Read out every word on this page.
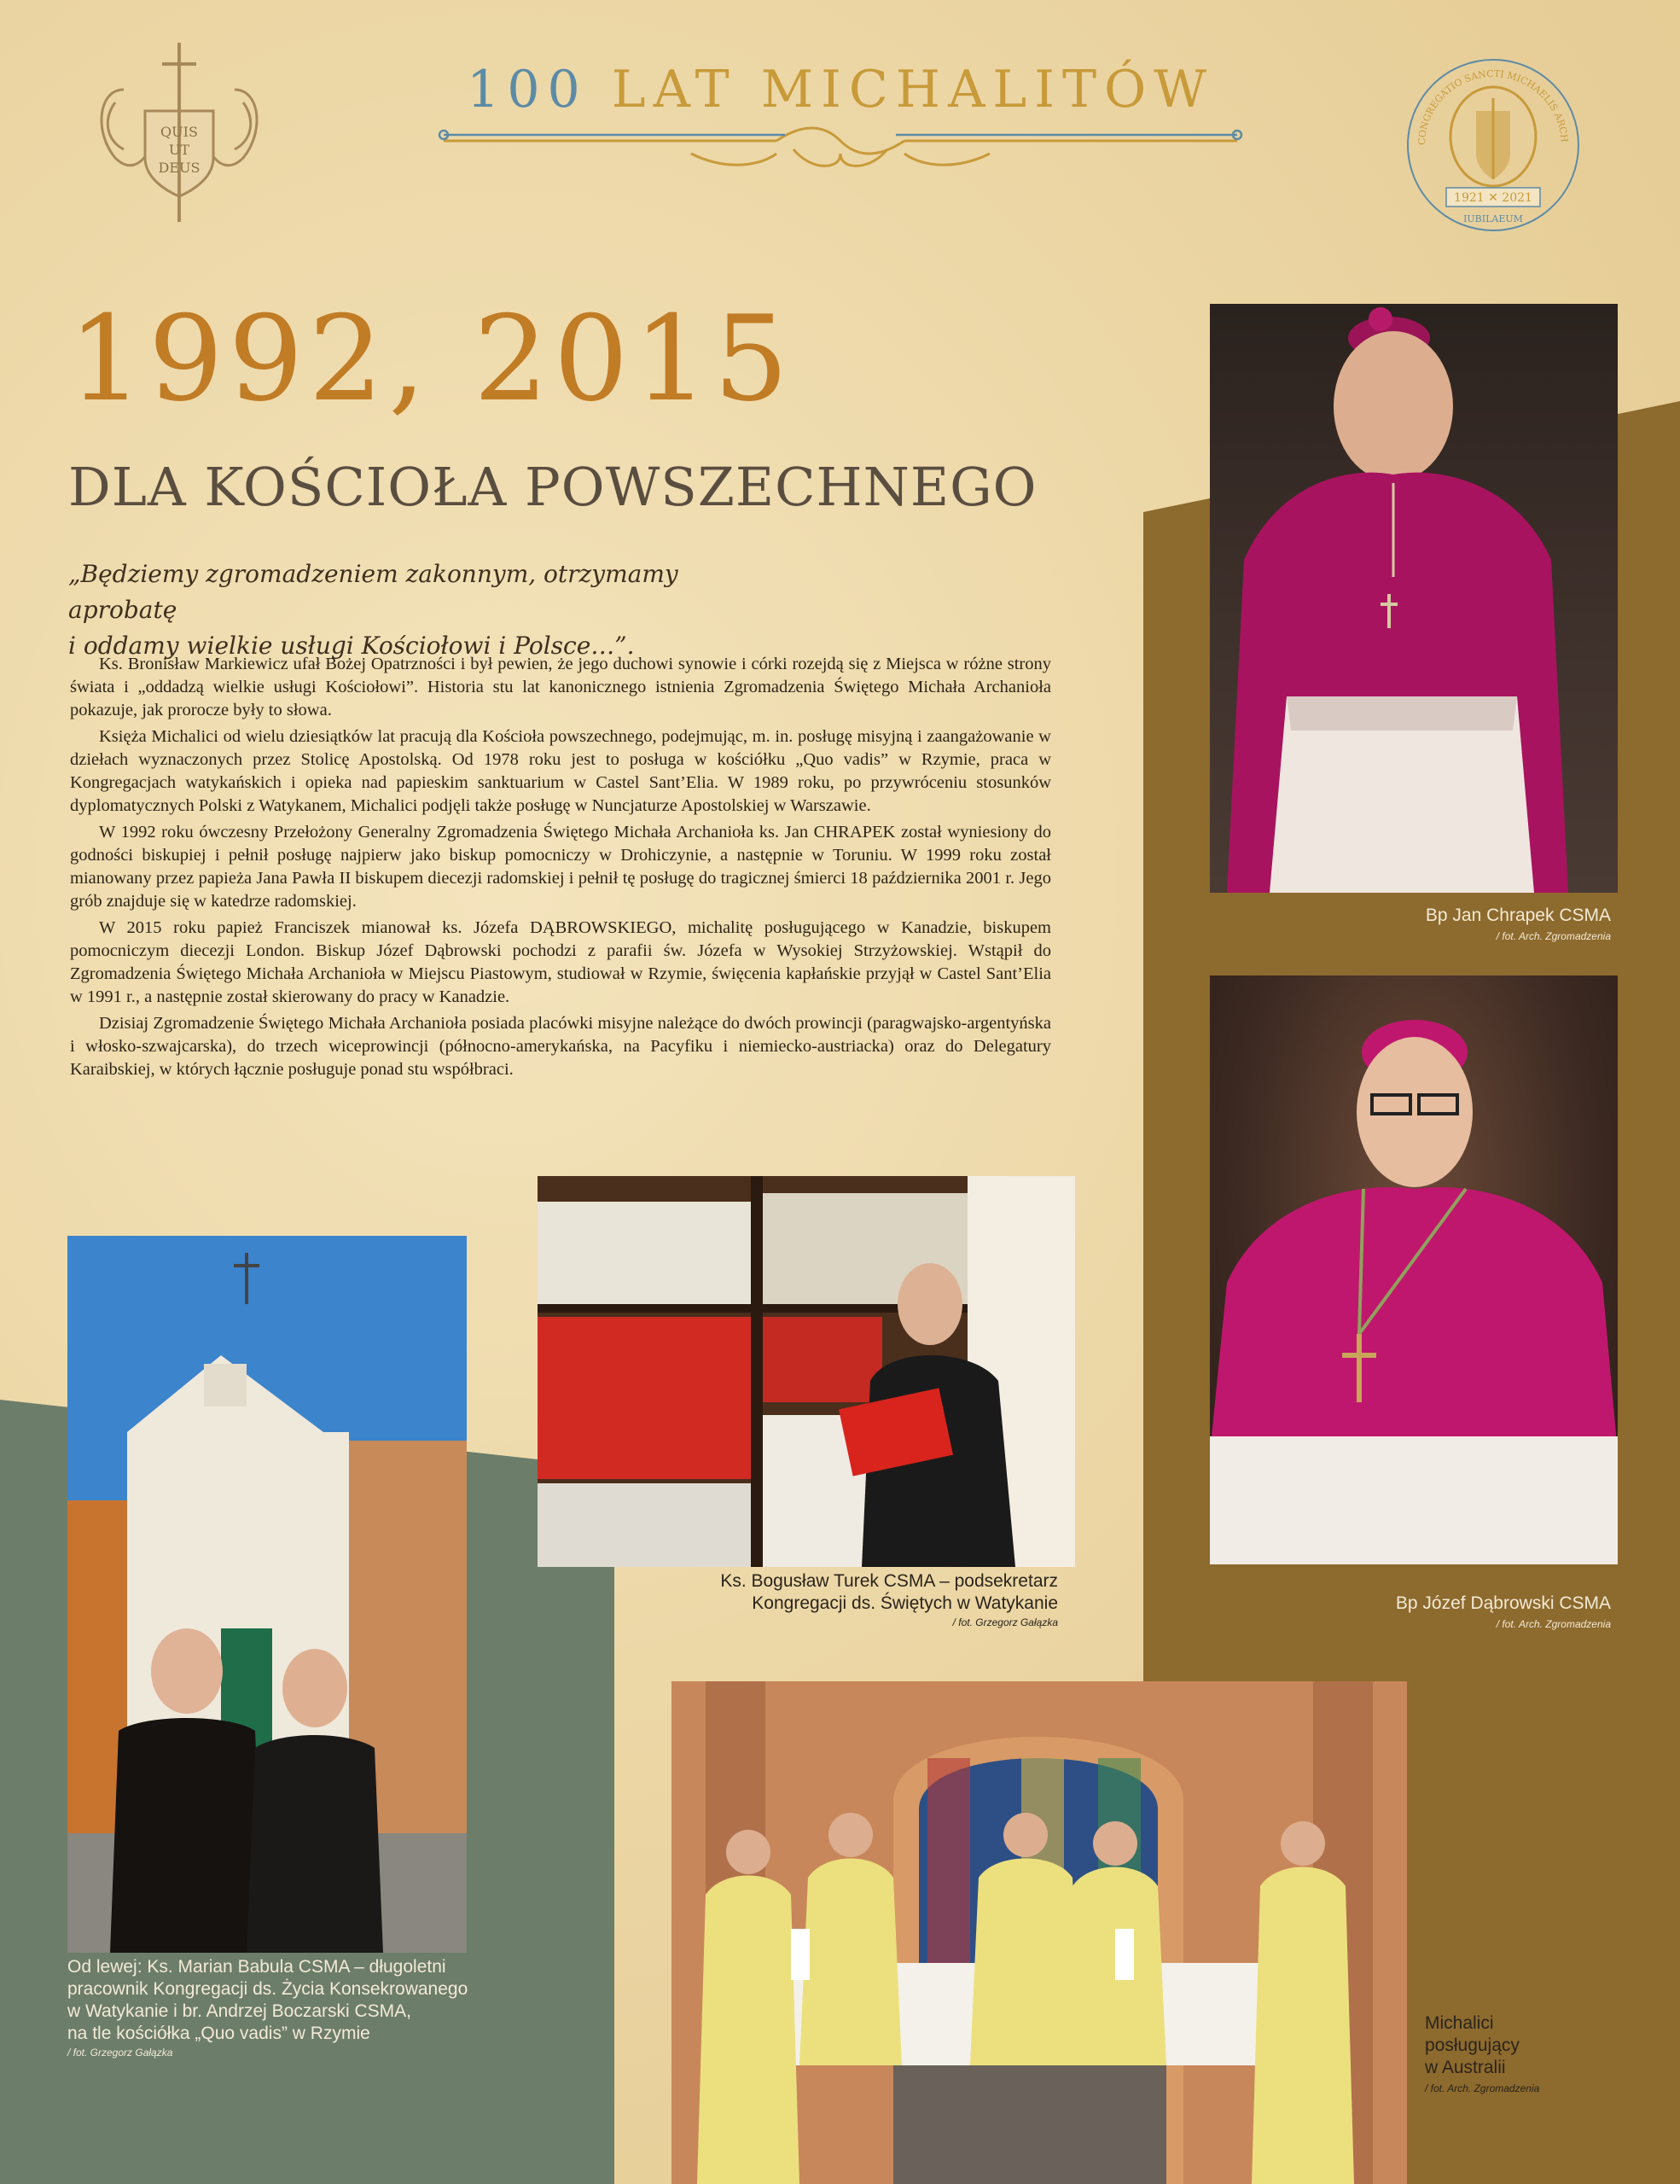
QUIS
UT
DEUS
100 LAT MICHALITÓW
CONGREGATIO SANCTI MICHAELIS ARCH
1921 ✕ 2021
IUBILAEUM
1992, 2015
DLA KOŚCIOŁA POWSZECHNEGO
„Będziemy zgromadzeniem zakonnym, otrzymamy aprobatę
i oddamy wielkie usługi Kościołowi i Polsce…”.

Ks. Bronisław Markiewicz ufał Bożej Opatrzności i był pewien, że jego duchowi synowie i córki rozejdą się z Miejsca w różne strony świata i „oddadzą wielkie usługi Kościołowi”. Historia stu lat kanonicznego istnienia Zgromadzenia Świętego Michała Archanioła pokazuje, jak prorocze były to słowa.

Księża Michalici od wielu dziesiątków lat pracują dla Kościoła powszechnego, podejmując, m. in. posługę misyjną i zaangażowanie w dziełach wyznaczonych przez Stolicę Apostolską. Od 1978 roku jest to posługa w kościółku „Quo vadis” w Rzymie, praca w Kongregacjach watykańskich i opieka nad papieskim sanktuarium w Castel Sant’Elia. W 1989 roku, po przywróceniu stosunków dyplomatycznych Polski z Watykanem, Michalici podjęli także posługę w Nuncjaturze Apostolskiej w Warszawie.

W 1992 roku ówczesny Przełożony Generalny Zgromadzenia Świętego Michała Archanioła ks. Jan CHRAPEK został wyniesiony do godności biskupiej i pełnił posługę najpierw jako biskup pomocniczy w Drohiczynie, a następnie w Toruniu. W 1999 roku został mianowany przez papieża Jana Pawła II biskupem diecezji radomskiej i pełnił tę posługę do tragicznej śmierci 18 października 2001 r. Jego grób znajduje się w katedrze radomskiej.

W 2015 roku papież Franciszek mianował ks. Józefa DĄBROWSKIEGO, michalitę posługującego w Kanadzie, biskupem pomocniczym diecezji London. Biskup Józef Dąbrowski pochodzi z parafii św. Józefa w Wysokiej Strzyżowskiej. Wstąpił do Zgromadzenia Świętego Michała Archanioła w Miejscu Piastowym, studiował w Rzymie, święcenia kapłańskie przyjął w Castel Sant’Elia w 1991 r., a następnie został skierowany do pracy w Kanadzie.

Dzisiaj Zgromadzenie Świętego Michała Archanioła posiada placówki misyjne należące do dwóch prowincji (paragwajsko-argentyńska i włosko-szwajcarska), do trzech wiceprowincji (północno-amerykańska, na Pacyfiku i niemiecko-austriacka) oraz do Delegatury Karaibskiej, w których łącznie posługuje ponad stu współbraci.

Bp Jan Chrapek CSMA
/ fot. Arch. Zgromadzenia
Bp Józef Dąbrowski CSMA
/ fot. Arch. Zgromadzenia
Ks. Bogusław Turek CSMA – podsekretarz
Kongregacji ds. Świętych w Watykanie
/ fot. Grzegorz Gałązka
Od lewej: Ks. Marian Babula CSMA – długoletni
pracownik Kongregacji ds. Życia Konsekrowanego
w Watykanie i br. Andrzej Boczarski CSMA,
na tle kościółka „Quo vadis” w Rzymie
/ fot. Grzegorz Gałązka
Michalici
posługujący
w Australii
/ fot. Arch. Zgromadzenia
